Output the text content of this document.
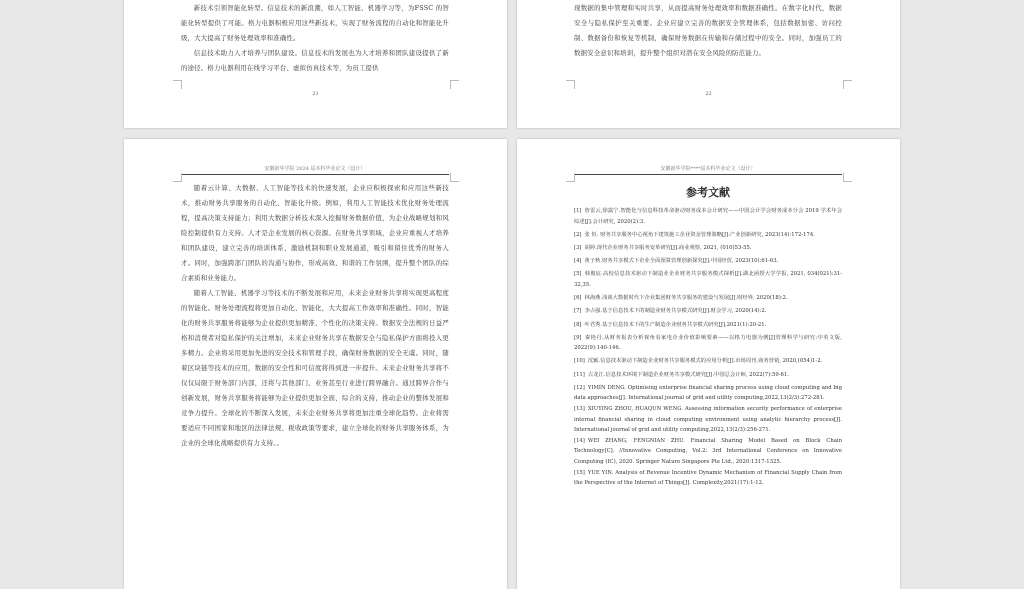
新技术引领智能化转型。信息技术的新浪潮，如人工智能、机器学习等，为FSSC 的智能化转型提供了可能。格力电器积极应用这些新技术，实现了财务流程的自动化和智能化升级，大大提高了财务处理效率和准确性。

信息技术助力人才培养与团队建设。信息技术的发展也为人才培养和团队建设提供了新的途径。格力电器利用在线学习平台、虚拟仿真技术等，为员工提供

21

现数据的集中管理和实时共享，从而提高财务处理效率和数据准确性。在数字化时代，数据安全与隐私保护至关重要。企业应建立完善的数据安全管理体系，包括数据加密、访问控制、数据备份和恢复等机制，确保财务数据在传输和存储过程中的安全。同时，加强员工的数据安全意识和培训，提升整个组织对潜在安全风险的防范能力。

22
安徽新华学院 2024 届本科毕业论文（设计）

随着云计算、大数据、人工智能等技术的快速发展，企业应积极探索和应用这些新技术，推动财务共享服务的自动化、智能化升级。例如，利用人工智能技术优化财务处理流程，提高决策支持能力；利用大数据分析技术深入挖掘财务数据价值，为企业战略规划和风险控制提供有力支持。人才是企业发展的核心资源。在财务共享领域，企业应重视人才培养和团队建设，建立完善的培训体系、激励机制和职业发展通道，吸引和留住优秀的财务人才。同时，加强跨部门团队的沟通与协作，形成高效、和谐的工作氛围，提升整个团队的综合素质和业务能力。

随着人工智能、机器学习等技术的不断发展和应用，未来企业财务共享将实现更高程度的智能化。财务处理流程将更加自动化、智能化，大大提高工作效率和准确性。同时，智能化的财务共享服务将能够为企业提供更加精准、个性化的决策支持。数据安全法规的日益严格和消费者对隐私保护的关注增加，未来企业财务共享在数据安全与隐私保护方面将投入更多精力。企业将采用更加先进的安全技术和管理手段，确保财务数据的安全无虞。同时，随着区块链等技术的应用，数据的安全性和可信度将得到进一步提升。未来企业财务共享将不仅仅局限于财务部门内部，还将与其他部门、业务甚至行业进行跨界融合。通过跨界合作与创新发展，财务共享服务将能够为企业提供更加全面、综合的支持，推动企业的整体发展和竞争力提升。全球化的不断深入发展，未来企业财务共享将更加注重全球化趋势。企业将需要适应不同国家和地区的法律法规、税收政策等要求，建立全球化的财务共享服务体系，为企业的全球化战略提供有力支持。。

安徽新华学院****届本科毕业论文（设计）
参考文献

[1] 詹雷云,徐露宁.智能化与信息科技革命驱动财务成本会计研究——中国会计学会财务成本分会 2019 学术年会综述[J].会计研究, 2020(2):3.

[2] 张 恒. 财务共享服务中心视角下建筑施工企业资金管理策略[J].产业创新研究, 2023(14):172-174.

[3] 胡婷.现代企业财务共享服务变革研究[J].商业观察, 2021, (010)53-55.

[4] 黄子秋.财务共享模式下企业全面预算管理创新探究[J].中国经贸, 2023(10):61-63.

[5] 韩俊宸.高校信息技术驱动下制造业企业财务共享服务模式探析[J].湖北函授大学学报, 2021, 034(021):31-32,35.

[6] 林海燕.浅谈大数据时代下企业集团财务共享服务的建设与发展[J].财经界, 2020(18):2.

[7] 李占强.基于信息技术下的制造业财务共享模式研究[J].财会学习, 2020(14):2.

[8] 叶君秀.基于信息技术下的生产制造企业财务共享模式研究[J].2021(1):20-21.

[9] 秦艳丹.从财务报表分析视角看家电企业价值影响要素——以格力电器为例[J]管理科学与研究:中英文版, 2022(9):140-146.

[10] 沈颖.信息技术驱动下制造企业财务共享服务模式的应用分析[J].市场周刊.商务营销, 2020,(054)1-2.

[11] 古龙江.信息技术环境下制造企业财务共享模式研究[J].中国总会计师, 2022(7):59-61.

[12] YIMIN DENG. Optimising enterprise financial sharing process using cloud computing and big data approaches[J]. International journal of grid and utility computing,2022,13(2/3):272-281.

[13] XIUYING ZHOU, HUAQUN WENG. Assessing information security performance of enterprise internal financial sharing in cloud computing environment using analytic hierarchy process[J]. International journal of grid and utility computing,2022,13(2/3):256-271.

[14] WEI ZHANG, FENGNIAN ZHU. Financial Sharing Model Based on Block Chain Technology[C]. //Innovative Computing, Vol.2: 3rd International Conference on Innovative Computing (IC), 2020. Springer Nature Singapore Pte Ltd., 2020:1317-1325.

[15] YUE YIN. Analysis of Revenue Incentive Dynamic Mechanism of Financial Supply Chain from the Perspective of the Internet of Things[J]. Complexity,2021(17):1-12.
